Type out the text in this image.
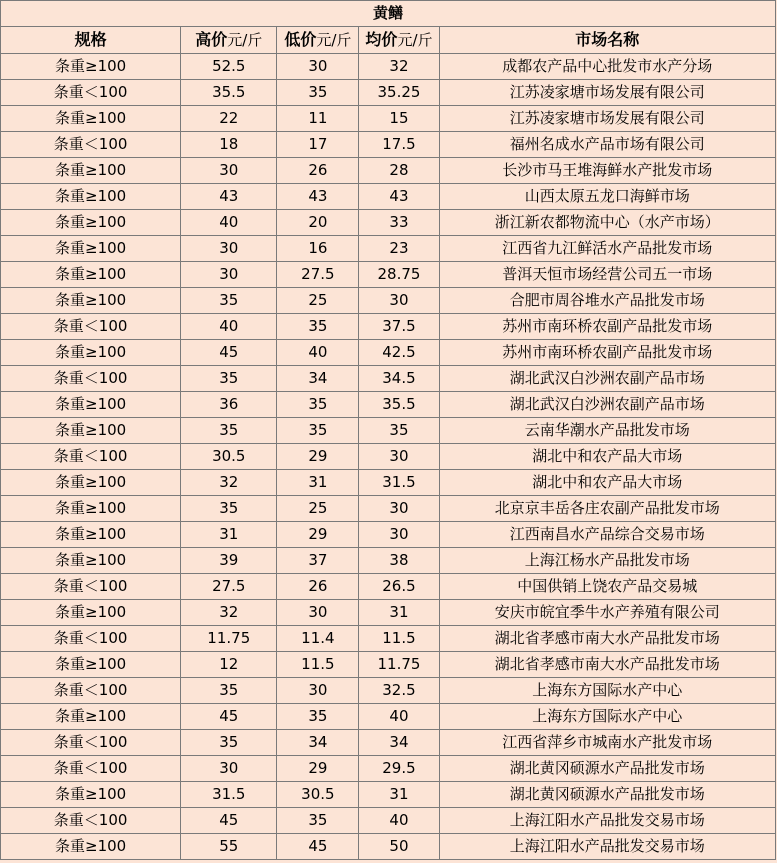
黄鳝				
规格	高价元/斤	低价元/斤	均价元/斤	市场名称
条重≥100	52.5	30	32	成都农产品中心批发市水产分场
条重＜100	35.5	35	35.25	江苏凌家塘市场发展有限公司
条重≥100	22	11	15	江苏凌家塘市场发展有限公司
条重＜100	18	17	17.5	福州名成水产品市场有限公司
条重≥100	30	26	28	长沙市马王堆海鲜水产批发市场
条重≥100	43	43	43	山西太原五龙口海鲜市场
条重≥100	40	20	33	浙江新农都物流中心（水产市场）
条重≥100	30	16	23	江西省九江鲜活水产品批发市场
条重≥100	30	27.5	28.75	普洱天恒市场经营公司五一市场
条重≥100	35	25	30	合肥市周谷堆水产品批发市场
条重＜100	40	35	37.5	苏州市南环桥农副产品批发市场
条重≥100	45	40	42.5	苏州市南环桥农副产品批发市场
条重＜100	35	34	34.5	湖北武汉白沙洲农副产品市场
条重≥100	36	35	35.5	湖北武汉白沙洲农副产品市场
条重≥100	35	35	35	云南华潮水产品批发市场
条重＜100	30.5	29	30	湖北中和农产品大市场
条重≥100	32	31	31.5	湖北中和农产品大市场
条重≥100	35	25	30	北京京丰岳各庄农副产品批发市场
条重≥100	31	29	30	江西南昌水产品综合交易市场
条重≥100	39	37	38	上海江杨水产品批发市场
条重＜100	27.5	26	26.5	中国供销上饶农产品交易城
条重≥100	32	30	31	安庆市皖宜季牛水产养殖有限公司
条重＜100	11.75	11.4	11.5	湖北省孝感市南大水产品批发市场
条重≥100	12	11.5	11.75	湖北省孝感市南大水产品批发市场
条重＜100	35	30	32.5	上海东方国际水产中心
条重≥100	45	35	40	上海东方国际水产中心
条重＜100	35	34	34	江西省萍乡市城南水产批发市场
条重＜100	30	29	29.5	湖北黄冈硕源水产品批发市场
条重≥100	31.5	30.5	31	湖北黄冈硕源水产品批发市场
条重＜100	45	35	40	上海江阳水产品批发交易市场
条重≥100	55	45	50	上海江阳水产品批发交易市场
